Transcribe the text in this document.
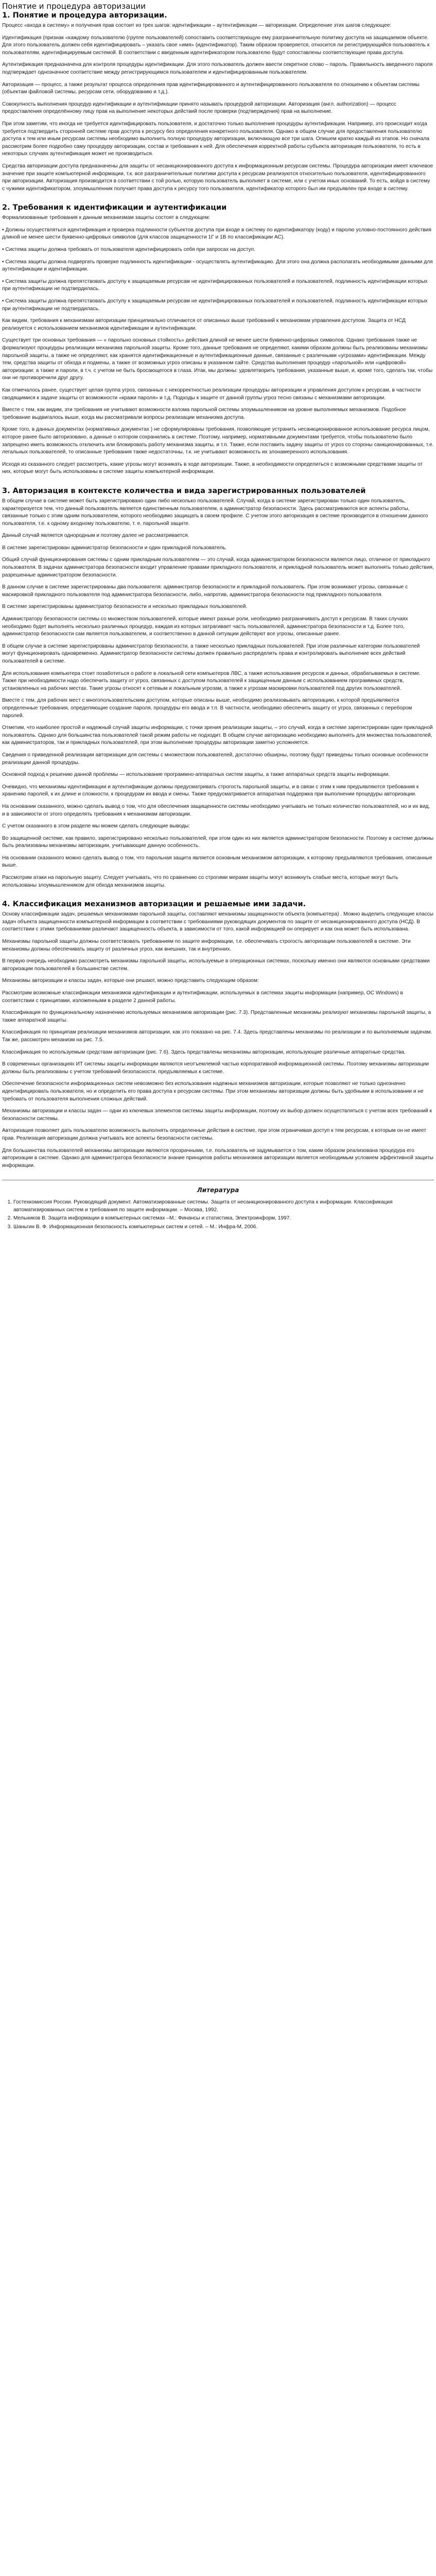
Понятие и процедура авторизации
1. Понятие и процедура авторизации.

Процесс «входа в систему» и получения прав состоит из трех шагов: идентификации – аутентификации — авторизации. Определение этих шагов следующее:

Идентификация (признак «каждому пользователю (группе пользователей) сопоставить соответствующую ему разграничительную политику доступа на защищаемом объекте. Для этого пользователь должен себя идентифицировать – указать свое «имя» (идентификатор). Таким образом проверяется, относится ли регистрирующийся пользователь к пользователям, идентифицируемым системой. В соответствии с введенным идентификатором пользователю будут сопоставлены соответствующие права доступа.

Аутентификация предназначена для контроля процедуры идентификации. Для этого пользователь должен ввести секретное слово – пароль. Правильность введенного пароля подтверждает однозначное соответствие между регистрирующимся пользователем и идентифицированным пользователем.

Авторизация — процесс, а также результат процесса определения прав идентифицированного и аутентифицированного пользователя по отношению к объектам системы (объектам файловой системы, ресурсам сети, оборудованию и т.д.).

Совокупность выполнения процедур идентификации и аутентификации принято называть процедурой авторизации. Авторизация (англ. authorization) — процесс предоставления определённому лицу прав на выполнение некоторых действий после проверки (подтверждения) прав на выполнение.

При этом заметим, что иногда не требуется идентифицировать пользователя, и достаточно только выполнения процедуры аутентификации. Например, это происходит когда требуется подтвердить сторонней системе прав доступа к ресурсу без определения конкретного пользователя. Однако в общем случае для предоставления пользователю доступа к тем или иным ресурсам системы необходимо выполнить полную процедуру авторизации, включающую все три шага. Опишем кратко каждый из этапов. Но сначала рассмотрим более подробно саму процедуру авторизации, состав и требования к ней. Для обеспечения корректной работы субъекта авторизация пользователя, то есть в некоторых случаях аутентификация может не производиться.

Средства авторизации доступа предназначены для защиты от несанкционированного доступа к информационным ресурсам системы. Процедура авторизации имеет ключевое значение при защите компьютерной информации, т.к. все разграничительные политики доступа к ресурсам реализуются относительно пользователя, идентифицированного при авторизации. Авторизация производится в соответствии с той ролью, которую пользователь выполняет в системе, или с учетом иных оснований. То есть, войдя в систему с чужими идентификатором, злоумышленник получает права доступа к ресурсу того пользователя, идентификатор которого был им предъявлен при входе в систему.

2. Требования к идентификации и аутентификации

Формализованные требования к данным механизмам защиты состоят в следующем:

• Должны осуществляться идентификация и проверка подлинности субъектов доступа при входе в систему по идентификатору (коду) и паролю условно-постоянного действия длиной не менее шести буквенно-цифровых символов (для классов защищенности 1Г и 1В по классификации АС).

• Система защиты должна требовать от пользователя идентифицировать себя при запросах на доступ.

• Система защиты должна подвергать проверке подлинность идентификации - осуществлять аутентификацию. Для этого она должна располагать необходимыми данными для аутентификации и идентификации.

• Система защиты должна препятствовать доступу к защищаемым ресурсам не идентифицированных пользователей и пользователей, подлинность идентификации которых при аутентификации не подтвердилась.

• Система защиты должна препятствовать доступу к защищаемым ресурсам не идентифицированных пользователей и пользователей, подлинность идентификации которых при аутентификации не подтвердилась.

Как видим, требования к механизмам авторизации принципиально отличаются от описанных выше требований к механизмам управления доступом. Защита от НСД реализуется с использованием механизмов идентификации и аутентификации.

Существует три основных требования — « парольно основных стойкость» действия длиной не менее шести буквенно-цифровых символов. Однако требования также не формализуют процедуры реализации механизма парольной защиты. Кроме того, данные требования не определяют, какими образом должны быть реализованы механизмы парольной защиты, а также не определяют, как хранятся идентификационные и аутентификационные данные, связанные с различными «угрозами» идентификации. Между тем, средства защиты от обхода и подмены, а также от возможных угроз описаны в указанном сайте. Средства выполнения процедур «парольной» или «цифровой» авторизации: а также и пароли, в т.ч. с учетом не быть бросающегося в глаза. Итак, мы должны: удовлетворить требования, указанные выше, и, кроме того, сделать так, чтобы они не противоречили друг другу.

Как отмечалось ранее, существует целая группа угроз, связанных с некорректностью реализации процедуры авторизации и управления доступом к ресурсам, в частности сводящимися к задаче защиты от возможности «кражи пароля» и т.д. Подходы к защите от данной группы угроз тесно связаны с механизмами авторизации.

Вместе с тем, как видим, эти требования не учитывают возможности взлома парольной системы злоумышленником на уровне выполняемых механизмов. Подобное требование выдвигалось выше, когда мы рассматривали вопросы реализации механизма доступа.

Кроме того, в данных документах (нормативных документах ) не сформулированы требования, позволяющие устранить несанкционированное использование ресурса лицом, которое ранее было авторизовано, а данные о котором сохранились в системе. Поэтому, например, нормативными документами требуется, чтобы пользователю было запрещено иметь возможность отключить или блокировать работу механизма защиты, и т.п. Также, если поставить задачу защиты от угроз со стороны санкционированных, т.е. легальных пользователей, то описанные требования также недостаточны, т.к. не учитывают возможность их злонамеренного использования.

Исходя из сказанного следует рассмотреть, какие угрозы могут возникать в ходе авторизации. Также, в необходимости определиться с возможными средствами защиты от них, которые могут быть использованы в системе защиты компьютерной информации.

3. Авторизация в контексте количества и вида зарегистрированных пользователей

В общем случае в системе может быть зарегистрировано один либо несколько пользователей. Случай, когда в системе зарегистрирован только один пользователь, характеризуется тем, что данный пользователь является единственным пользователем, а администратор безопасности. Здесь рассматриваются все аспекты работы, связанные только с этим одним пользователем, которого необходимо защищать в своем профиле. С учетом этого авторизация в системе производится в отношении данного пользователя, т.е. к одному входному пользователю, т. е. парольной защите.

Данный случай является однородным и поэтому далее не рассматривается.

В системе зарегистрирован администратор безопасности и один прикладной пользователь.

Общий случай функционирования системы с одним прикладным пользователем — это случай, когда администратором безопасности является лицо, отличное от прикладного пользователя. В задачах администратора безопасности входит управление правами прикладного пользователя, и прикладной пользователь может выполнять только действия, разрешенные администратором безопасности.

В данном случае в системе зарегистрированы два пользователя: администратор безопасности и прикладной пользователь. При этом возникают угрозы, связанные с маскировкой прикладного пользователя под администратора безопасности, либо, напротив, администратора безопасности под прикладного пользователя.

В системе зарегистрированы администратор безопасности и несколько прикладных пользователей.

Администратору безопасности системы со множеством пользователей, которые имеют разные роли, необходимо разграничивать доступ к ресурсам. В таких случаях необходимо будет выполнять несколько различных процедур, каждая из которых затрагивает часть пользователей, администратора безопасности и т.д. Более того, администратор безопасности сам является пользователем, и соответственно в данной ситуации действуют все угрозы, описанные ранее.

В общем случае в системе зарегистрированы администратор безопасности, а также несколько прикладных пользователей. При этом различные категории пользователей могут функционировать одновременно. Администратор безопасности системы должен правильно распределить права и контролировать выполнение всех действий пользователей в системе.

Для использования компьютера стоит позаботиться о работе в локальной сети компьютеров ЛВС, а также использования ресурсов и данных, обрабатываемых в системе. Также при необходимости надо обеспечить защиту от угроз, связанных с доступом пользователей к защищенным данным с использованием программных средств, установленных на рабочих местах. Такие угрозы относят к сетевым и локальным угрозам, а также к угрозам маскировки пользователей под других пользователей.

Вместе с тем, для рабочих мест с многопользовательским доступом, которые описаны выше, необходимо реализовывать авторизацию, к которой предъявляются определенные требования, определяющие создание пароля, процедуры его ввода и т.п. В частности, необходимо обеспечить защиту от угроз, связанных с перебором паролей.

Отметим, что наиболее простой и надежный случай защиты информации, с точки зрения реализации защиты, – это случай, когда в системе зарегистрирован один прикладной пользователь. Однако для большинства пользователей такой режим работы не подходит. В общем случае авторизацию необходимо выполнять для множества пользователей, как администраторов, так и прикладных пользователей, при этом выполнение процедуры авторизации заметно усложняется.

Сведения о приведенной реализации авторизации для системы с множеством пользователей, достаточно обширны, поэтому будут приведены только основные особенности реализации данной процедуры.

Основной подход к решению данной проблемы — использование программно-аппаратных систем защиты, а также аппаратных средств защиты информации.

Очевидно, что механизмы идентификации и аутентификации должны предусматривать строгость парольной защиты, и в связи с этим к ним предъявляются требования к хранению паролей, к их длине и сложности, к процедурам их ввода и смены. Также предусматривается аппаратная поддержка при выполнении процедуры авторизации.

На основании сказанного, можно сделать вывод о том, что для обеспечения защищенности системы необходимо учитывать не только количество пользователей, но и их вид, и в зависимости от этого определять требования к механизмам авторизации.

С учетом сказанного в этом разделе мы можем сделать следующие выводы:

Во защищенной системе, как правило, зарегистрировано несколько пользователей, при этом один из них является администратором безопасности. Поэтому в системе должны быть реализованы механизмы авторизации, учитывающие данную особенность.

На основании сказанного можно сделать вывод о том, что парольная защита является основным механизмом авторизации, к которому предъявляются требования, описанные выше.

Рассмотрим атаки на парольную защиту. Следует учитывать, что по сравнению со строгими мерами защиты могут возникнуть слабые места, которые могут быть использованы злоумышленником для обхода механизмов защиты.

4. Классификация механизмов авторизации и решаемые ими задачи.

Основу классификации задач, решаемых механизмами парольной защиты, составляют механизмы защищенности объекта (компьютера) . Можно выделить следующие классы задач объекта защищенности компьютерной информации в соответствии с требованиями руководящих документов по защите от несанкционированного доступа (НСД). В соответствии с этими требованиями различают защищенность объекта, в зависимости от того, какой информацией он оперирует и как она может быть использована.

Механизмы парольной защиты должны соответствовать требованиям по защите информации, т.е. обеспечивать строгость авторизации пользователей в системе. Эти механизмы должны обеспечивать защиту от различных угроз, как внешних, так и внутренних.

В первую очередь необходимо рассмотреть механизмы парольной защиты, используемые в операционных системах, поскольку именно они являются основными средствами авторизации пользователей в большинстве систем.

Механизмы авторизации и классы задач, которые они решают, можно представить следующим образом:

Рассмотрим возможные классификации механизмов идентификации и аутентификации, используемых в системах защиты информации (например, ОС Windows) в соответствии с принципами, изложенными в разделе 2 данной работы.

Классификация по функциональному назначению используемых механизмов авторизации (рис. 7.3). Представленные механизмы реализуют механизмы парольной защиты, а также аппаратной защиты.

Классификация по принципам реализации механизмов авторизации, как это показано на рис. 7.4. Здесь представлены механизмы по реализации и по выполняемым задачам. Так же, рассмотрен механизм на рис. 7.5.

Классификация по используемым средствам авторизации (рис. 7.6). Здесь представлены механизмы авторизации, использующие различные аппаратные средства.

В современных организациях ИТ системы защиты информации являются неотъемлемой частью корпоративной информационной системы. Поэтому механизмы авторизации должны быть реализованы с учетом требований безопасности, предъявляемых к системе.

Обеспечение безопасности информационных систем невозможно без использования надежных механизмов авторизации, которые позволяют не только однозначно идентифицировать пользователя, но и определить его права доступа к ресурсам системы. При этом механизмы авторизации должны быть удобными в использовании и не требовать от пользователя выполнения сложных действий.

Механизмы авторизации и классы задач — одни из ключевых элементов системы защиты информации, поэтому их выбор должен осуществляться с учетом всех требований к безопасности системы.

Авторизация позволяет дать пользователю возможность выполнять определенные действия в системе, при этом ограничивая доступ к тем ресурсам, к которым он не имеет прав. Реализация авторизации должна учитывать все аспекты безопасности системы.

Для большинства пользователей механизмы авторизации являются прозрачными, т.е. пользователь не задумывается о том, каким образом реализована процедура его авторизации в системе. Однако для администратора безопасности знание принципов работы механизмов авторизации является необходимым условием эффективной защиты информации.

Литература
1. Гостехкомиссия России. Руководящий документ. Автоматизированные системы. Защита от несанкционированного доступа к информации. Классификация автоматизированных систем и требования по защите информации. – Москва, 1992.
2. Мельников В. Защита информации в компьютерных системах –М.: Финансы и статистика, Электроинформ, 1997.
3. Шаньгин В. Ф. Информационная безопасность компьютерных систем и сетей. – М.: Инфра-М, 2006.
